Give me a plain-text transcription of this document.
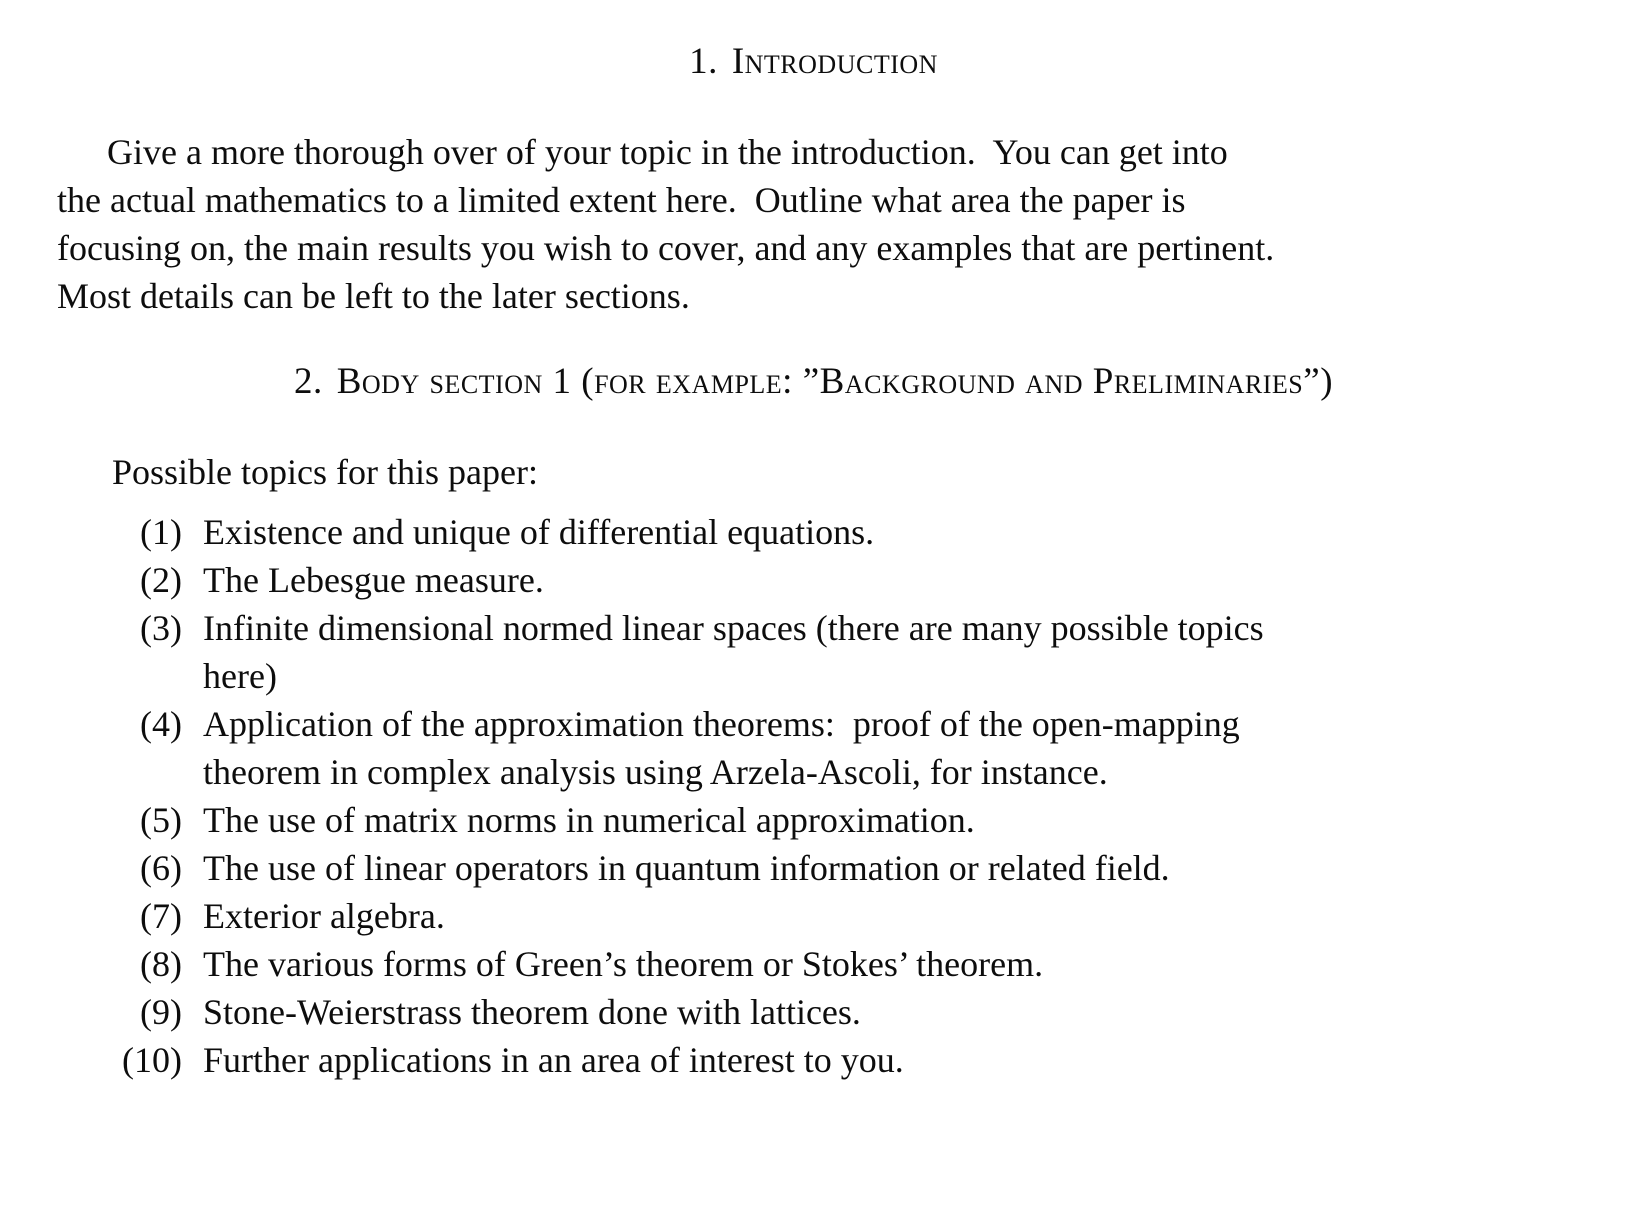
1. Introduction
Give a more thorough over of your topic in the introduction.  You can get into
the actual mathematics to a limited extent here.  Outline what area the paper is
focusing on, the main results you wish to cover, and any examples that are pertinent.
Most details can be left to the later sections.
2. Body section 1 (for example: ”Background and Preliminaries”)
Possible topics for this paper:
(1) Existence and unique of differential equations.
(2) The Lebesgue measure.
(3) Infinite dimensional normed linear spaces (there are many possible topics
here)
(4) Application of the approximation theorems:  proof of the open-mapping
theorem in complex analysis using Arzela-Ascoli, for instance.
(5) The use of matrix norms in numerical approximation.
(6) The use of linear operators in quantum information or related field.
(7) Exterior algebra.
(8) The various forms of Green’s theorem or Stokes’ theorem.
(9) Stone-Weierstrass theorem done with lattices.
(10) Further applications in an area of interest to you.
